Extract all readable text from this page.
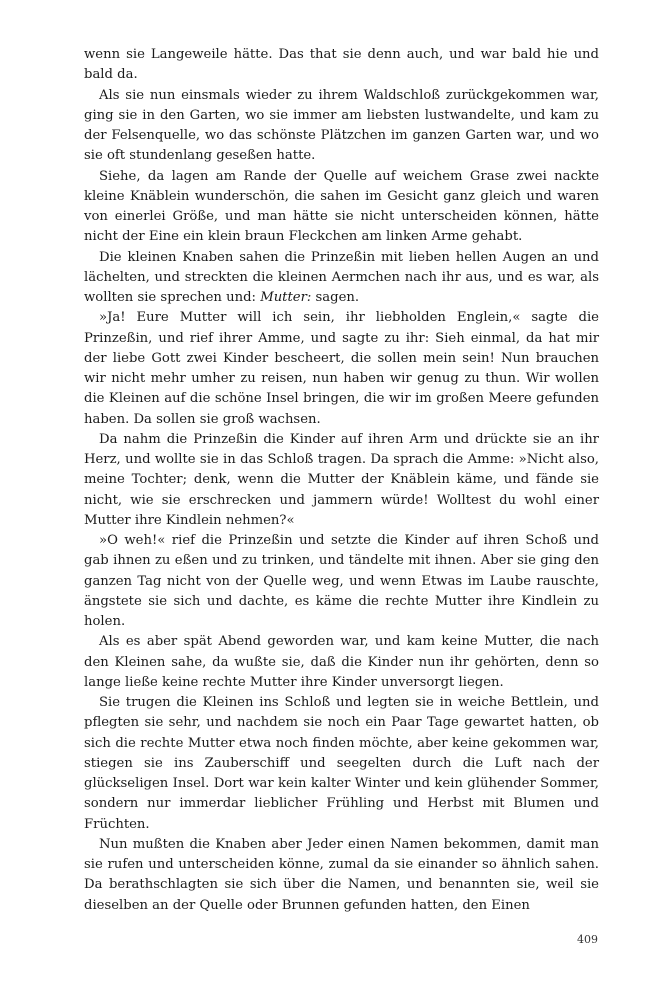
wenn sie Langeweile hätte. Das that sie denn auch, und war bald hie und bald da.

Als sie nun einsmals wieder zu ihrem Waldschloß zurückgekommen war, ging sie in den Garten, wo sie immer am liebsten lustwandelte, und kam zu der Felsenquelle, wo das schönste Plätzchen im ganzen Garten war, und wo sie oft stundenlang geseßen hatte.

Siehe, da lagen am Rande der Quelle auf weichem Grase zwei nackte kleine Knäblein wunderschön, die sahen im Gesicht ganz gleich und waren von einerlei Größe, und man hätte sie nicht unterscheiden können, hätte nicht der Eine ein klein braun Fleckchen am linken Arme gehabt.

Die kleinen Knaben sahen die Prinzeßin mit lieben hellen Augen an und lächelten, und streckten die kleinen Aermchen nach ihr aus, und es war, als wollten sie sprechen und: Mutter: sagen.

»Ja! Eure Mutter will ich sein, ihr liebholden Englein,« sagte die Prinzeßin, und rief ihrer Amme, und sagte zu ihr: Sieh einmal, da hat mir der liebe Gott zwei Kinder bescheert, die sollen mein sein! Nun brauchen wir nicht mehr umher zu reisen, nun haben wir genug zu thun. Wir wollen die Kleinen auf die schöne Insel bringen, die wir im großen Meere gefunden haben. Da sollen sie groß wachsen.

Da nahm die Prinzeßin die Kinder auf ihren Arm und drückte sie an ihr Herz, und wollte sie in das Schloß tragen. Da sprach die Amme: »Nicht also, meine Tochter; denk, wenn die Mutter der Knäblein käme, und fände sie nicht, wie sie erschrecken und jammern würde! Wolltest du wohl einer Mutter ihre Kindlein nehmen?«

»O weh!« rief die Prinzeßin und setzte die Kinder auf ihren Schoß und gab ihnen zu eßen und zu trinken, und tändelte mit ihnen. Aber sie ging den ganzen Tag nicht von der Quelle weg, und wenn Etwas im Laube rauschte, ängstete sie sich und dachte, es käme die rechte Mutter ihre Kindlein zu holen.

Als es aber spät Abend geworden war, und kam keine Mutter, die nach den Kleinen sahe, da wußte sie, daß die Kinder nun ihr gehörten, denn so lange ließe keine rechte Mutter ihre Kinder unversorgt liegen.

Sie trugen die Kleinen ins Schloß und legten sie in weiche Bettlein, und pflegten sie sehr, und nachdem sie noch ein Paar Tage gewartet hatten, ob sich die rechte Mutter etwa noch finden möchte, aber keine gekommen war, stiegen sie ins Zauberschiff und seegelten durch die Luft nach der glückseligen Insel. Dort war kein kalter Winter und kein glühender Sommer, sondern nur immerdar lieblicher Frühling und Herbst mit Blumen und Früchten.

Nun mußten die Knaben aber Jeder einen Namen bekommen, damit man sie rufen und unterscheiden könne, zumal da sie einander so ähnlich sahen. Da berathschlagten sie sich über die Namen, und benannten sie, weil sie dieselben an der Quelle oder Brunnen gefunden hatten, den Einen

409
